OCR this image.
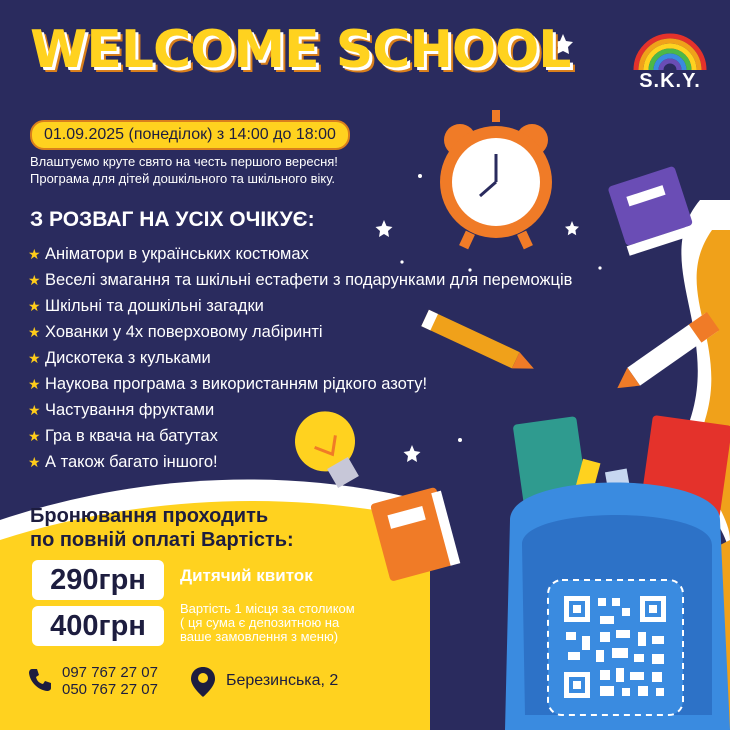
WELCOME SCHOOL
S.K.Y.
01.09.2025 (понеділок) з 14:00 до 18:00
Влаштуємо круте свято на честь першого вересня!
Програма для дітей дошкільного та шкільного віку.
З РОЗВАГ НА УСІХ ОЧІКУЄ:
★ Аніматори в українських костюмах
★ Веселі змагання та шкільні естафети з подарунками для переможців
★ Шкільні та дошкільні загадки
★ Хованки у 4х поверховому лабіринті
★ Дискотека з кульками
★ Наукова програма з використанням рідкого азоту!
★ Частування фруктами
★ Гра в квача на батутах
★ А також багато іншого!
Бронювання проходить
по повній оплаті Вартість:
290грн	Дитячий квиток
400грн
Вартість 1 місця за столиком
( ця сума є депозитною на
ваше замовлення з меню)
097 767 27 07
050 767 27 07
Березинська, 2
